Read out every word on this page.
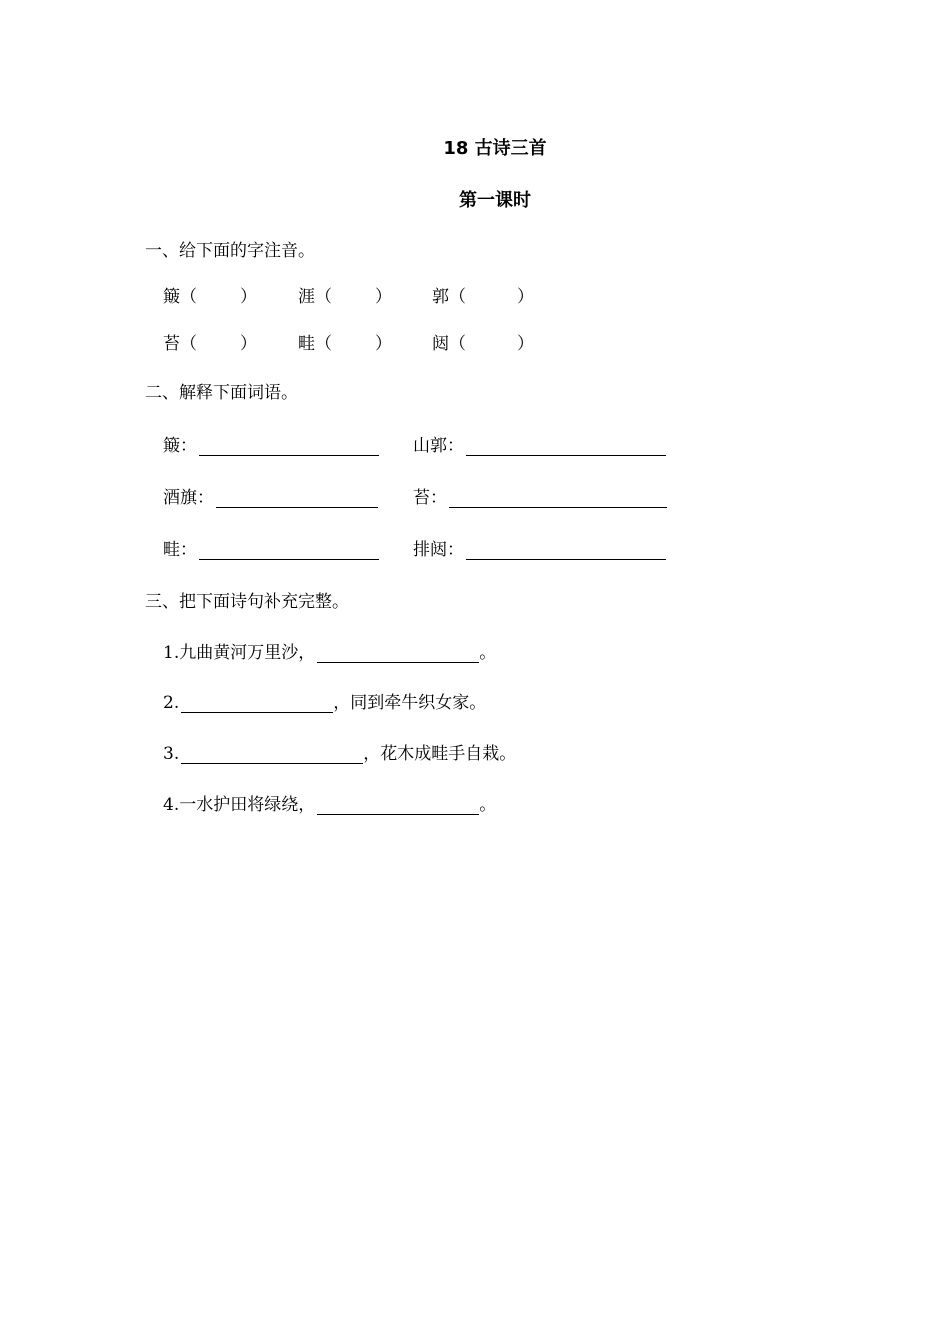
18 古诗三首
第一课时
一、给下面的字注音。
簸（	） 涯（	） 郭（	）
苔（	） 畦（	） 闼（	）
二、解释下面词语。
簸：	山郭：
酒旗：	苔：
畦：	排闼：
三、把下面诗句补充完整。
1.九曲黄河万里沙，	。
2.	，同到牵牛织女家。
3.	，花木成畦手自栽。
4.一水护田将绿绕，	。
